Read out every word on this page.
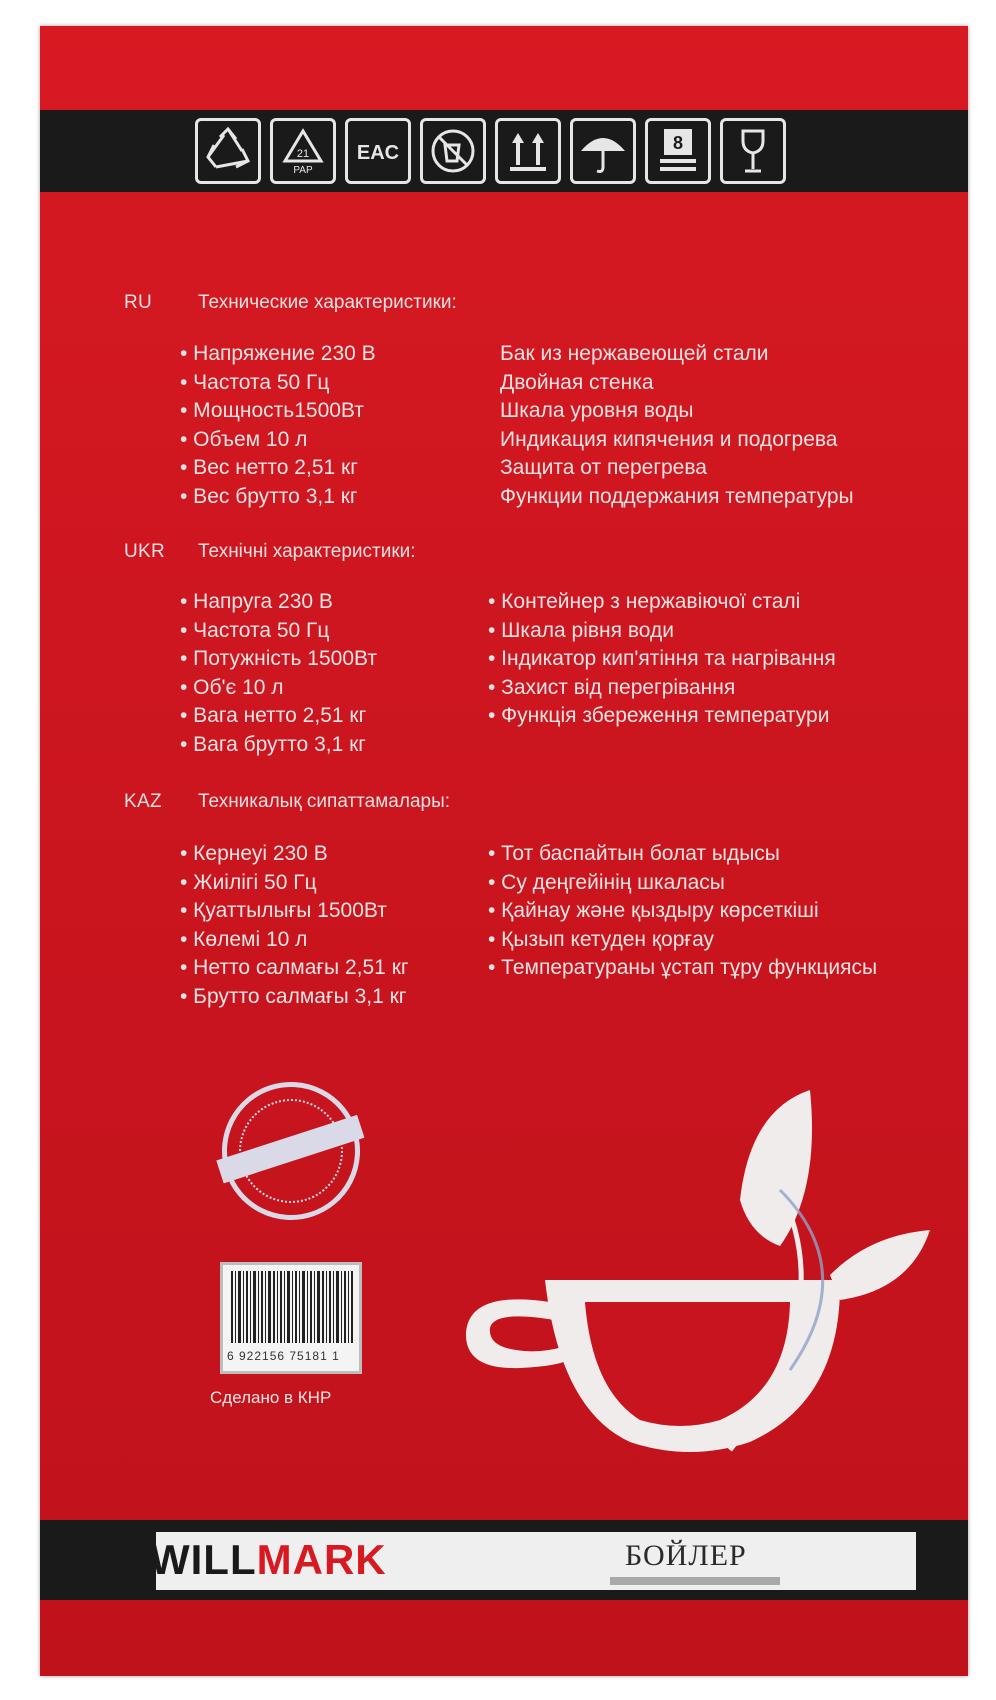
21
PAP
EAC	8
RU Технические характеристики:
• Напряжение 230 В
• Частота 50 Гц
• Мощность1500Вт
• Объем 10 л
• Вес нетто 2,51 кг
• Вес брутто 3,1 кг
Бак из нержавеющей стали
Двойная стенка
Шкала уровня воды
Индикация кипячения и подогрева
Защита от перегрева
Функции поддержания температуры
UKR Технічні характеристики:
• Напруга 230 В
• Частота 50 Гц
• Потужність 1500Вт
• Об'є 10 л
• Вага нетто 2,51 кг
• Вага брутто 3,1 кг
• Контейнер з нержавіючої сталі
• Шкала рівня води
• Індикатор кип'ятіння та нагрівання
• Захист від перегрівання
• Функція збереження температури
KAZ Техникалық сипаттамалары:
• Кернеуі 230 В
• Жиілігі 50 Гц
• Қуаттылығы 1500Вт
• Көлемі 10 л
• Нетто салмағы 2,51 кг
• Брутто салмағы 3,1 кг
• Тот баспайтын болат ыдысы
• Су деңгейінің шкаласы
• Қайнау және қыздыру көрсеткіші
• Қызып кетуден қорғау
• Температураны ұстап тұру функциясы
6 922156 75181 1
Сделано в КНР
WILLMARK	БОЙЛЕР
